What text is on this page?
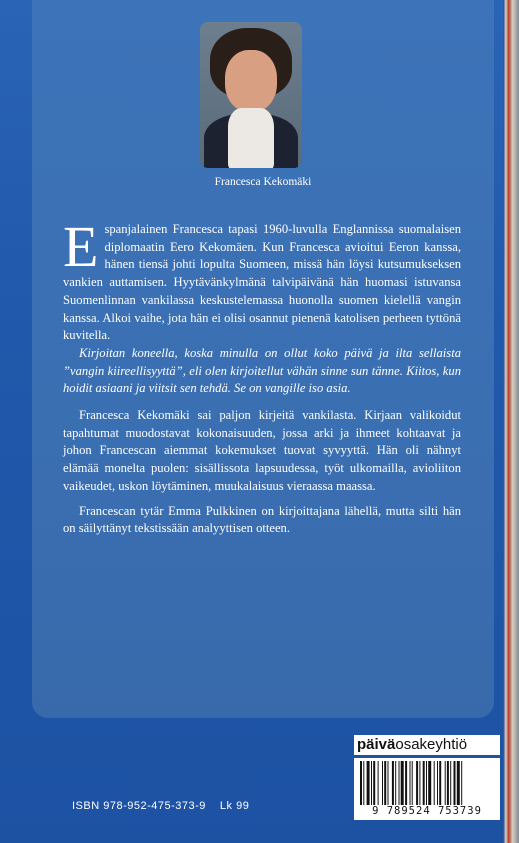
Francesca Kekomäki

Espanjalainen Francesca tapasi 1960-luvulla Englannissa suomalaisen diplomaatin Eero Kekomäen. Kun Francesca avioitui Eeron kanssa, hänen tiensä johti lopulta Suomeen, missä hän löysi kutsumukseksen vankien auttamisen. Hyytävänkylmänä talvipäivänä hän huomasi istuvansa Suomenlinnan vankilassa keskustelemassa huonolla suomen kielellä vangin kanssa. Alkoi vaihe, jota hän ei olisi osannut pienenä katolisen perheen tyttönä kuvitella.

Kirjoitan koneella, koska minulla on ollut koko päivä ja ilta sellaista ”vangin kiireellisyyttä”, eli olen kirjoitellut vähän sinne sun tänne. Kiitos, kun hoidit asiaani ja viitsit sen tehdä. Se on vangille iso asia.

Francesca Kekomäki sai paljon kirjeitä vankilasta. Kirjaan valikoidut tapahtumat muodostavat kokonaisuuden, jossa arki ja ihmeet kohtaavat ja johon Francescan aiemmat kokemukset tuovat syvyyttä. Hän oli nähnyt elämää monelta puolen: sisällissota lapsuudessa, työt ulkomailla, avioliiton vaikeudet, uskon löytäminen, muukalaisuus vieraassa maassa.

Francescan tytär Emma Pulkkinen on kirjoittajana lähellä, mutta silti hän on säilyttänyt tekstissään analyyttisen otteen.

päiväosakeyhtiö
9 789524 753739
ISBN 978-952-475-373-9 Lk 99
